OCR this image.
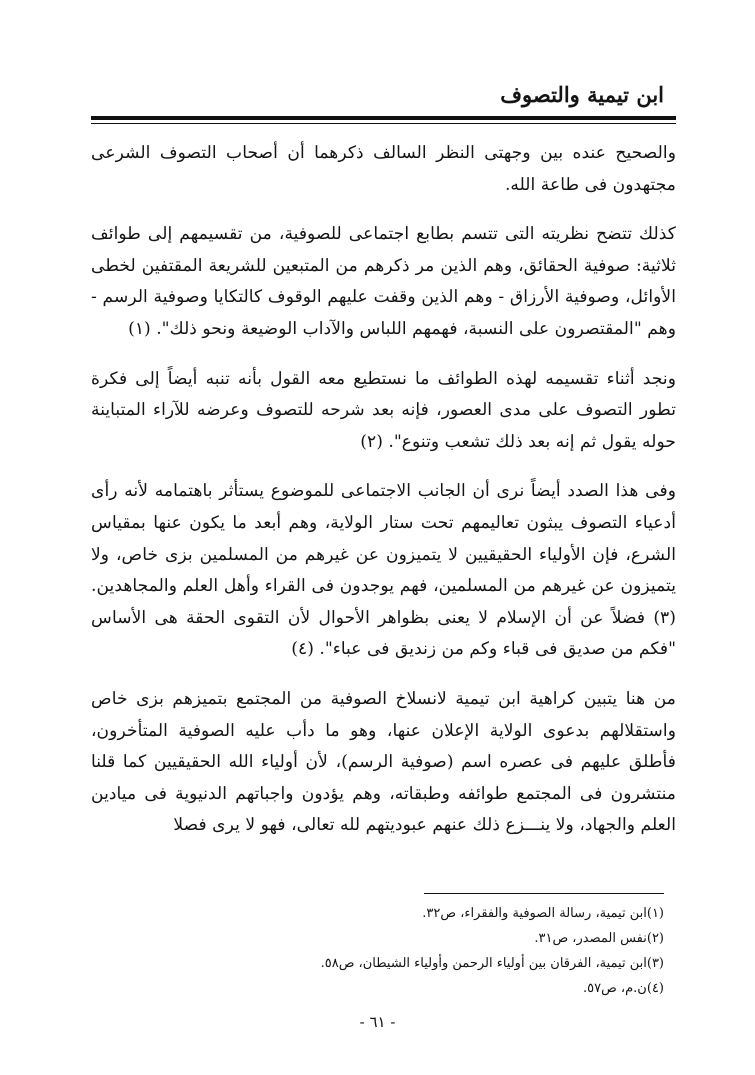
ابن تيمية والتصوف

والصحيح عنده بين وجهتى النظر السالف ذكرهما أن أصحاب التصوف الشرعى مجتهدون فى طاعة الله.

كذلك تتضح نظريته التى تتسم بطابع اجتماعى للصوفية، من تقسيمهم إلى طوائف ثلاثية: صوفية الحقائق، وهم الذين مر ذكرهم من المتبعين للشريعة المقتفين لخطى الأوائل، وصوفية الأرزاق - وهم الذين وقفت عليهم الوقوف كالتكايا وصوفية الرسم - وهم "المقتصرون على النسبة، فهمهم اللباس والآداب الوضيعة ونحو ذلك". (١)

ونجد أثناء تقسيمه لهذه الطوائف ما نستطيع معه القول بأنه تنبه أيضاً إلى فكرة تطور التصوف على مدى العصور، فإنه بعد شرحه للتصوف وعرضه للآراء المتباينة حوله يقول ثم إنه بعد ذلك تشعب وتنوع". (٢)

وفى هذا الصدد أيضاً نرى أن الجانب الاجتماعى للموضوع يستأثر باهتمامه لأنه رأى أدعياء التصوف يبثون تعاليمهم تحت ستار الولاية، وهم أبعد ما يكون عنها بمقياس الشرع، فإن الأولياء الحقيقيين لا يتميزون عن غيرهم من المسلمين بزى خاص، ولا يتميزون عن غيرهم من المسلمين، فهم يوجدون فى القراء وأهل العلم والمجاهدين. (٣) فضلاً عن أن الإسلام لا يعنى بظواهر الأحوال لأن التقوى الحقة هى الأساس "فكم من صديق فى قباء وكم من زنديق فى عباء". (٤)

من هنا يتبين كراهية ابن تيمية لانسلاخ الصوفية من المجتمع بتميزهم بزى خاص واستقلالهم بدعوى الولاية الإعلان عنها، وهو ما دأب عليه الصوفية المتأخرون، فأطلق عليهم فى عصره اسم (صوفية الرسم)، لأن أولياء الله الحقيقيين كما قلنا منتشرون فى المجتمع طوائفه وطبقاته، وهم يؤدون واجباتهم الدنيوية فى ميادين العلم والجهاد، ولا ينـــزع ذلك عنهم عبوديتهم لله تعالى، فهو لا يرى فصلا

(١)ابن تيمية، رسالة الصوفية والفقراء، ص٣٢.

(٢)نفس المصدر، ص٣١.

(٣)ابن تيمية، الفرقان بين أولياء الرحمن وأولياء الشيطان، ص٥٨.

(٤)ن.م، ص٥٧.

- ٦١ -
